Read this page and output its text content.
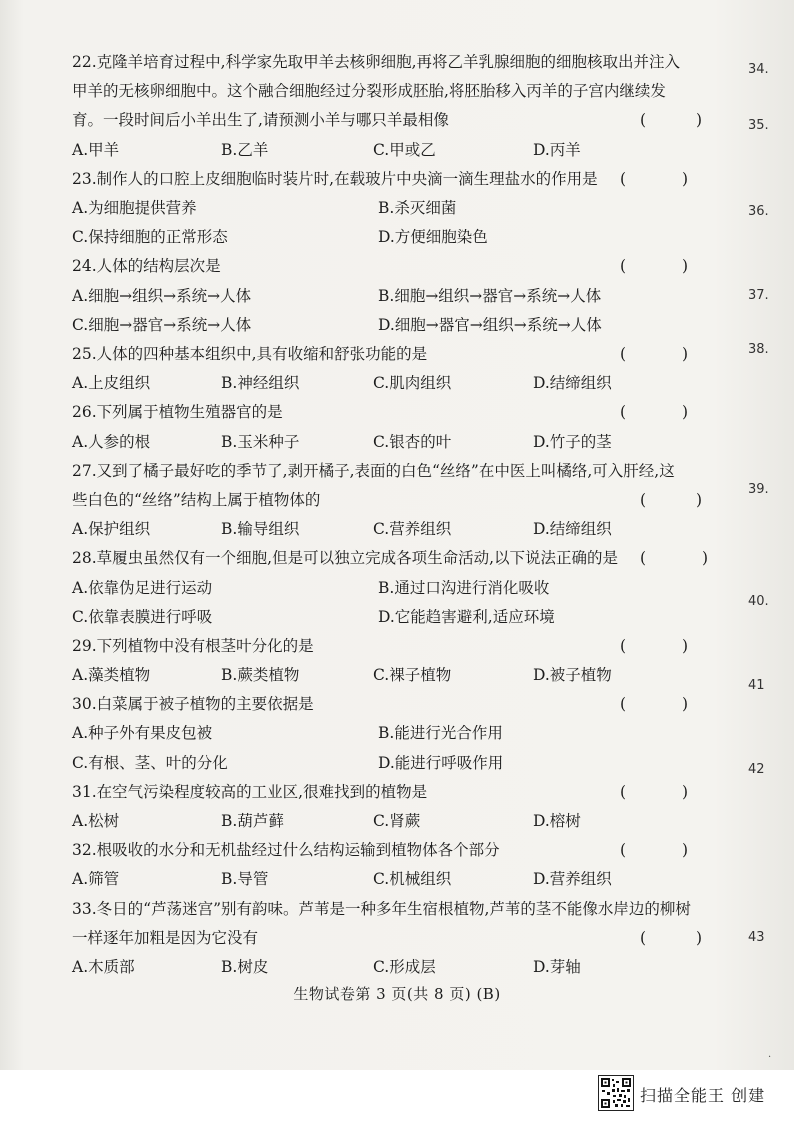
22.克隆羊培育过程中,科学家先取甲羊去核卵细胞,再将乙羊乳腺细胞的细胞核取出并注入
甲羊的无核卵细胞中。这个融合细胞经过分裂形成胚胎,将胚胎移入丙羊的子宫内继续发
育。一段时间后小羊出生了,请预测小羊与哪只羊最相像	(	)
A.甲羊	B.乙羊	C.甲或乙	D.丙羊
23.制作人的口腔上皮细胞临时装片时,在载玻片中央滴一滴生理盐水的作用是 (	)
A.为细胞提供营养	B.杀灭细菌
C.保持细胞的正常形态	D.方便细胞染色
24.人体的结构层次是	(	)
A.细胞→组织→系统→人体	B.细胞→组织→器官→系统→人体
C.细胞→器官→系统→人体	D.细胞→器官→组织→系统→人体
25.人体的四种基本组织中,具有收缩和舒张功能的是	(	)
A.上皮组织	B.神经组织	C.肌肉组织	D.结缔组织
26.下列属于植物生殖器官的是	(	)
A.人参的根	B.玉米种子	C.银杏的叶	D.竹子的茎
27.又到了橘子最好吃的季节了,剥开橘子,表面的白色“丝络”在中医上叫橘络,可入肝经,这
些白色的“丝络”结构上属于植物体的	(	)
A.保护组织	B.输导组织	C.营养组织	D.结缔组织
28.草履虫虽然仅有一个细胞,但是可以独立完成各项生命活动,以下说法正确的是 (	)
A.依靠伪足进行运动	B.通过口沟进行消化吸收
C.依靠表膜进行呼吸	D.它能趋害避利,适应环境
29.下列植物中没有根茎叶分化的是	(	)
A.藻类植物	B.蕨类植物	C.裸子植物	D.被子植物
30.白菜属于被子植物的主要依据是	(	)
A.种子外有果皮包被	B.能进行光合作用
C.有根、茎、叶的分化	D.能进行呼吸作用
31.在空气污染程度较高的工业区,很难找到的植物是	(	)
A.松树	B.葫芦藓	C.肾蕨	D.榕树
32.根吸收的水分和无机盐经过什么结构运输到植物体各个部分	(	)
A.筛管	B.导管	C.机械组织	D.营养组织
33.冬日的“芦荡迷宫”别有韵味。芦苇是一种多年生宿根植物,芦苇的茎不能像水岸边的柳树
一样逐年加粗是因为它没有	(	)
A.木质部	B.树皮	C.形成层	D.芽轴
生物试卷第 3 页(共 8 页) (B)
34.
35.
36.
37.
38.
39.
40.
41
42
43
·
扫描全能王 创建
